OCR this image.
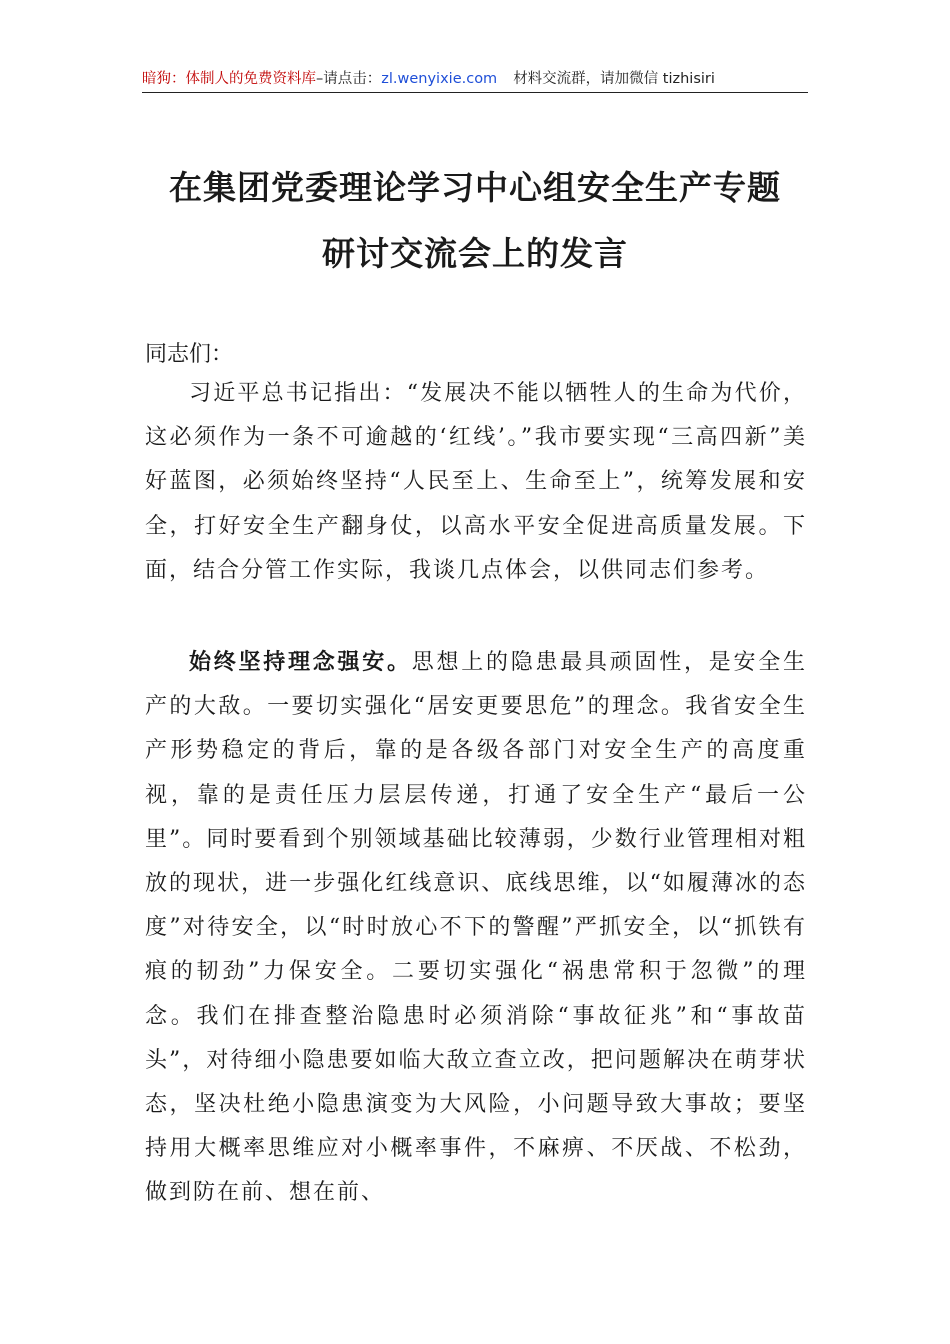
暗狗：体制人的免费资料库–请点击：zl.wenyixie.com 材料交流群，请加微信 tizhisiri
在集团党委理论学习中心组安全生产专题
研讨交流会上的发言

同志们：

习近平总书记指出：“发展决不能以牺牲人的生命为代价，这必须作为一条不可逾越的‘红线’。”我市要实现“三高四新”美好蓝图，必须始终坚持“人民至上、生命至上”，统筹发展和安全，打好安全生产翻身仗，以高水平安全促进高质量发展。下面，结合分管工作实际，我谈几点体会，以供同志们参考。

始终坚持理念强安。思想上的隐患最具顽固性，是安全生产的大敌。一要切实强化“居安更要思危”的理念。我省安全生产形势稳定的背后，靠的是各级各部门对安全生产的高度重视，靠的是责任压力层层传递，打通了安全生产“最后一公里”。同时要看到个别领域基础比较薄弱，少数行业管理相对粗放的现状，进一步强化红线意识、底线思维，以“如履薄冰的态度”对待安全，以“时时放心不下的警醒”严抓安全，以“抓铁有痕的韧劲”力保安全。二要切实强化“祸患常积于忽微”的理念。我们在排查整治隐患时必须消除“事故征兆”和“事故苗头”，对待细小隐患要如临大敌立查立改，把问题解决在萌芽状态，坚决杜绝小隐患演变为大风险，小问题导致大事故；要坚持用大概率思维应对小概率事件，不麻痹、不厌战、不松劲，做到防在前、想在前、
